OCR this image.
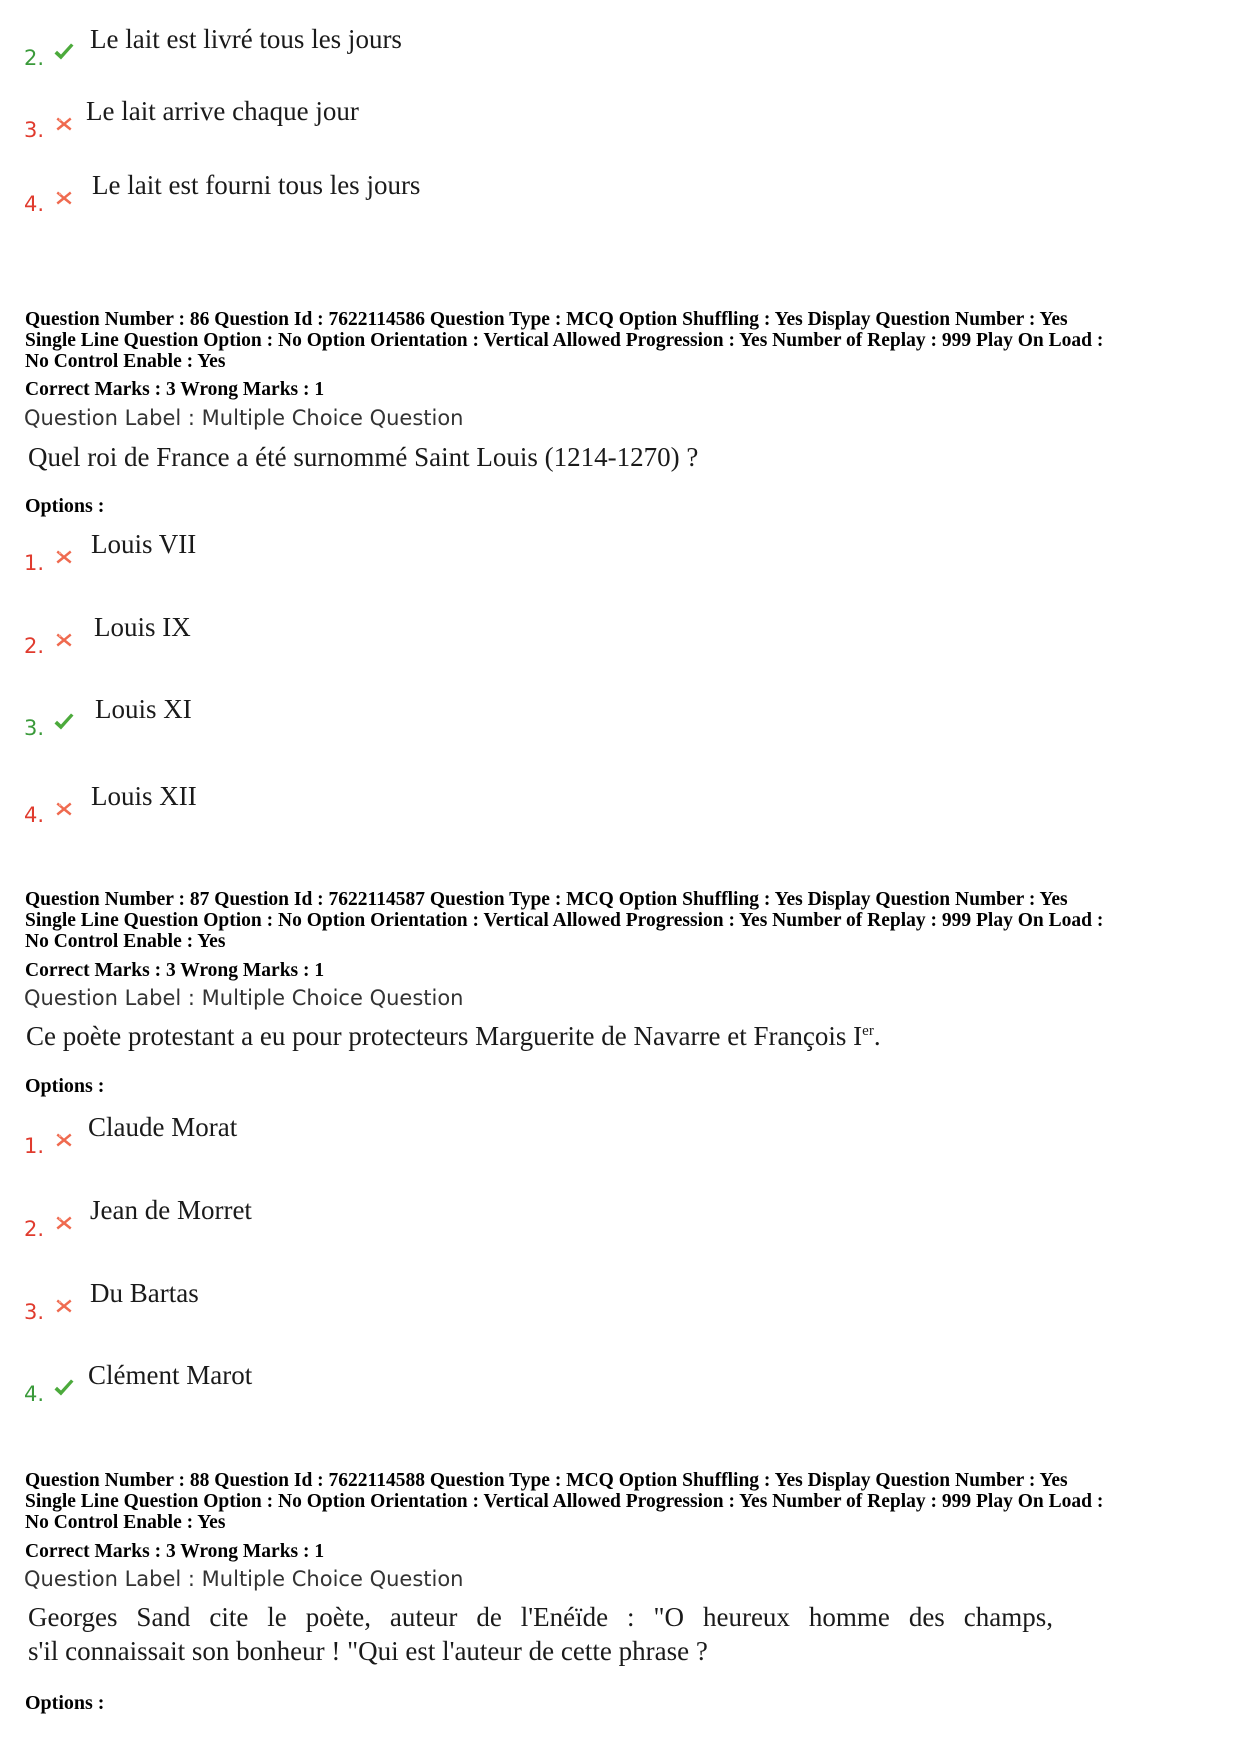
2.
Le lait est livré tous les jours
3.
Le lait arrive chaque jour
4.
Le lait est fourni tous les jours
Question Number : 86 Question Id : 7622114586 Question Type : MCQ Option Shuffling : Yes Display Question Number : Yes
Single Line Question Option : No Option Orientation : Vertical Allowed Progression : Yes Number of Replay : 999 Play On Load :
No Control Enable : Yes
Correct Marks : 3 Wrong Marks : 1
Question Label : Multiple Choice Question
Quel roi de France a été surnommé Saint Louis (1214-1270) ?
Options :
1.
Louis VII
2.
Louis IX
3.
Louis XI
4.
Louis XII
Question Number : 87 Question Id : 7622114587 Question Type : MCQ Option Shuffling : Yes Display Question Number : Yes
Single Line Question Option : No Option Orientation : Vertical Allowed Progression : Yes Number of Replay : 999 Play On Load :
No Control Enable : Yes
Correct Marks : 3 Wrong Marks : 1
Question Label : Multiple Choice Question
Ce poète protestant a eu pour protecteurs Marguerite de Navarre et François Ier.
Options :
1.
Claude Morat
2.
Jean de Morret
3.
Du Bartas
4.
Clément Marot
Question Number : 88 Question Id : 7622114588 Question Type : MCQ Option Shuffling : Yes Display Question Number : Yes
Single Line Question Option : No Option Orientation : Vertical Allowed Progression : Yes Number of Replay : 999 Play On Load :
No Control Enable : Yes
Correct Marks : 3 Wrong Marks : 1
Question Label : Multiple Choice Question
Georges Sand cite le poète, auteur de l'Enéïde : "O heureux homme des champs,
s'il connaissait son bonheur ! "Qui est l'auteur de cette phrase ?
Options :
